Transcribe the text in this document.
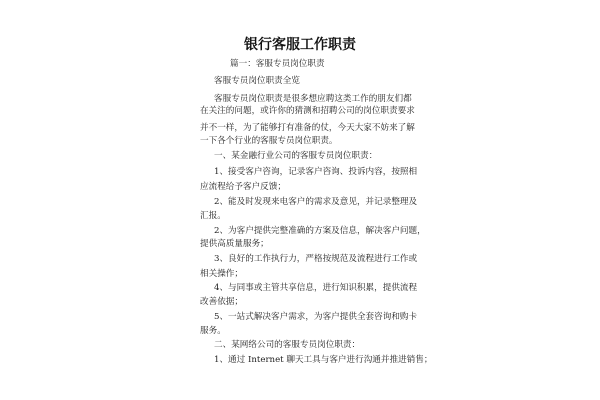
银行客服工作职责
篇一：客服专员岗位职责
客服专员岗位职责全览
客服专员岗位职责是很多想应聘这类工作的朋友们都
在关注的问题，或许你的猜测和招聘公司的岗位职责要求
并不一样，为了能够打有准备的仗，今天大家不妨来了解
一下各个行业的客服专员岗位职责。
一、某金融行业公司的客服专员岗位职责：
1、接受客户咨询，记录客户咨询、投诉内容，按照相
应流程给予客户反馈；
2、能及时发现来电客户的需求及意见，并记录整理及
汇报。
2、为客户提供完整准确的方案及信息，解决客户问题，
提供高质量服务；
3、良好的工作执行力，严格按规范及流程进行工作或
相关操作；
4、与同事或主管共享信息，进行知识积累，提供流程
改善依据；
5、一站式解决客户需求，为客户提供全套咨询和购卡
服务。
二、某网络公司的客服专员岗位职责：
1、通过 Internet 聊天工具与客户进行沟通并推进销售；
